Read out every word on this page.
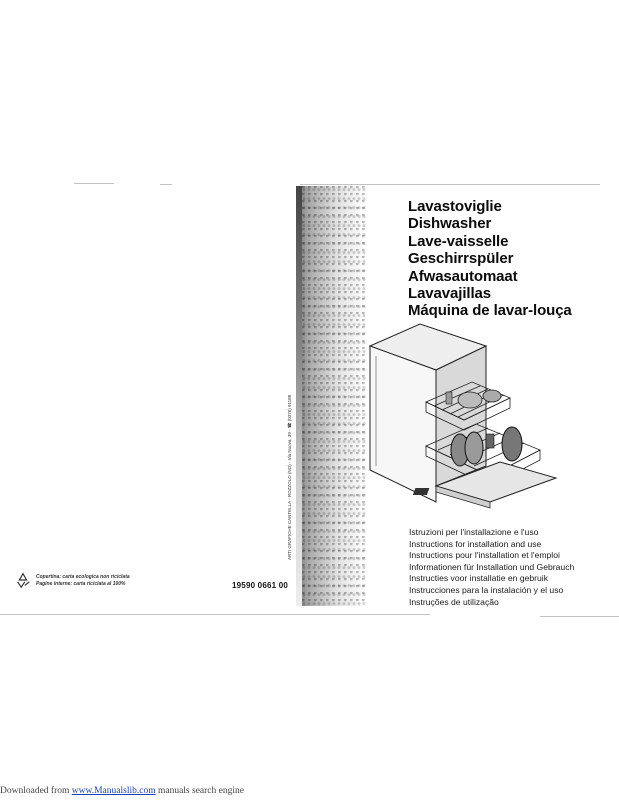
Lavastoviglie
Dishwasher
Lave-vaisselle
Geschirrspüler
Afwasautomaat
Lavavajillas
Máquina de lavar-louça
ARTI GRAFICHE CANTELLA - ROZZOLO (NO) - Via Nuova, 39 - ☎ (0376) 91188
19590 0661 00
Istruzioni per l'installazione e l'uso
Instructions for installation and use
Instructions pour l'installation et l'emploi
Informationen für Installation und Gebrauch
Instructies voor installatie en gebruik
Instrucciones para la instalación y el uso
Instruções de utilização
Copertina: carta ecologica non riciclata
Pagine interne: carta riciclata al 100%
Downloaded from www.Manualslib.com manuals search engine
